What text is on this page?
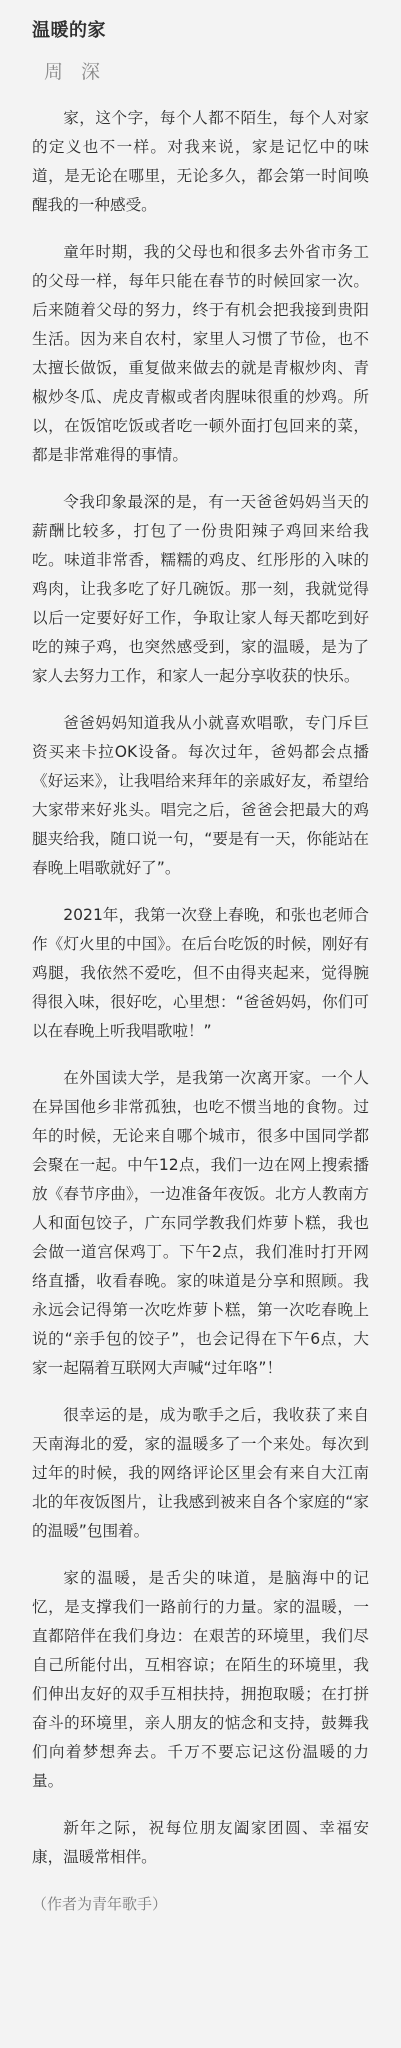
温暖的家
周 深

家，这个字，每个人都不陌生，每个人对家的定义也不一样。对我来说，家是记忆中的味道，是无论在哪里，无论多久，都会第一时间唤醒我的一种感受。

童年时期，我的父母也和很多去外省市务工的父母一样，每年只能在春节的时候回家一次。后来随着父母的努力，终于有机会把我接到贵阳生活。因为来自农村，家里人习惯了节俭，也不太擅长做饭，重复做来做去的就是青椒炒肉、青椒炒冬瓜、虎皮青椒或者肉腥味很重的炒鸡。所以，在饭馆吃饭或者吃一顿外面打包回来的菜，都是非常难得的事情。

令我印象最深的是，有一天爸爸妈妈当天的薪酬比较多，打包了一份贵阳辣子鸡回来给我吃。味道非常香，糯糯的鸡皮、红彤彤的入味的鸡肉，让我多吃了好几碗饭。那一刻，我就觉得以后一定要好好工作，争取让家人每天都吃到好吃的辣子鸡，也突然感受到，家的温暖，是为了家人去努力工作，和家人一起分享收获的快乐。

爸爸妈妈知道我从小就喜欢唱歌，专门斥巨资买来卡拉OK设备。每次过年，爸妈都会点播《好运来》，让我唱给来拜年的亲戚好友，希望给大家带来好兆头。唱完之后，爸爸会把最大的鸡腿夹给我，随口说一句，“要是有一天，你能站在春晚上唱歌就好了”。

2021年，我第一次登上春晚，和张也老师合作《灯火里的中国》。在后台吃饭的时候，刚好有鸡腿，我依然不爱吃，但不由得夹起来，觉得腕得很入味，很好吃，心里想：“爸爸妈妈，你们可以在春晚上听我唱歌啦！”

在外国读大学，是我第一次离开家。一个人在异国他乡非常孤独，也吃不惯当地的食物。过年的时候，无论来自哪个城市，很多中国同学都会聚在一起。中午12点，我们一边在网上搜索播放《春节序曲》，一边准备年夜饭。北方人教南方人和面包饺子，广东同学教我们炸萝卜糕，我也会做一道宫保鸡丁。下午2点，我们准时打开网络直播，收看春晚。家的味道是分享和照顾。我永远会记得第一次吃炸萝卜糕，第一次吃春晚上说的“亲手包的饺子”，也会记得在下午6点，大家一起隔着互联网大声喊“过年咯”！

很幸运的是，成为歌手之后，我收获了来自天南海北的爱，家的温暖多了一个来处。每次到过年的时候，我的网络评论区里会有来自大江南北的年夜饭图片，让我感到被来自各个家庭的“家的温暖”包围着。

家的温暖，是舌尖的味道，是脑海中的记忆，是支撑我们一路前行的力量。家的温暖，一直都陪伴在我们身边：在艰苦的环境里，我们尽自己所能付出，互相容谅；在陌生的环境里，我们伸出友好的双手互相扶持，拥抱取暖；在打拼奋斗的环境里，亲人朋友的惦念和支持，鼓舞我们向着梦想奔去。千万不要忘记这份温暖的力量。

新年之际，祝每位朋友阖家团圆、幸福安康，温暖常相伴。

（作者为青年歌手）
